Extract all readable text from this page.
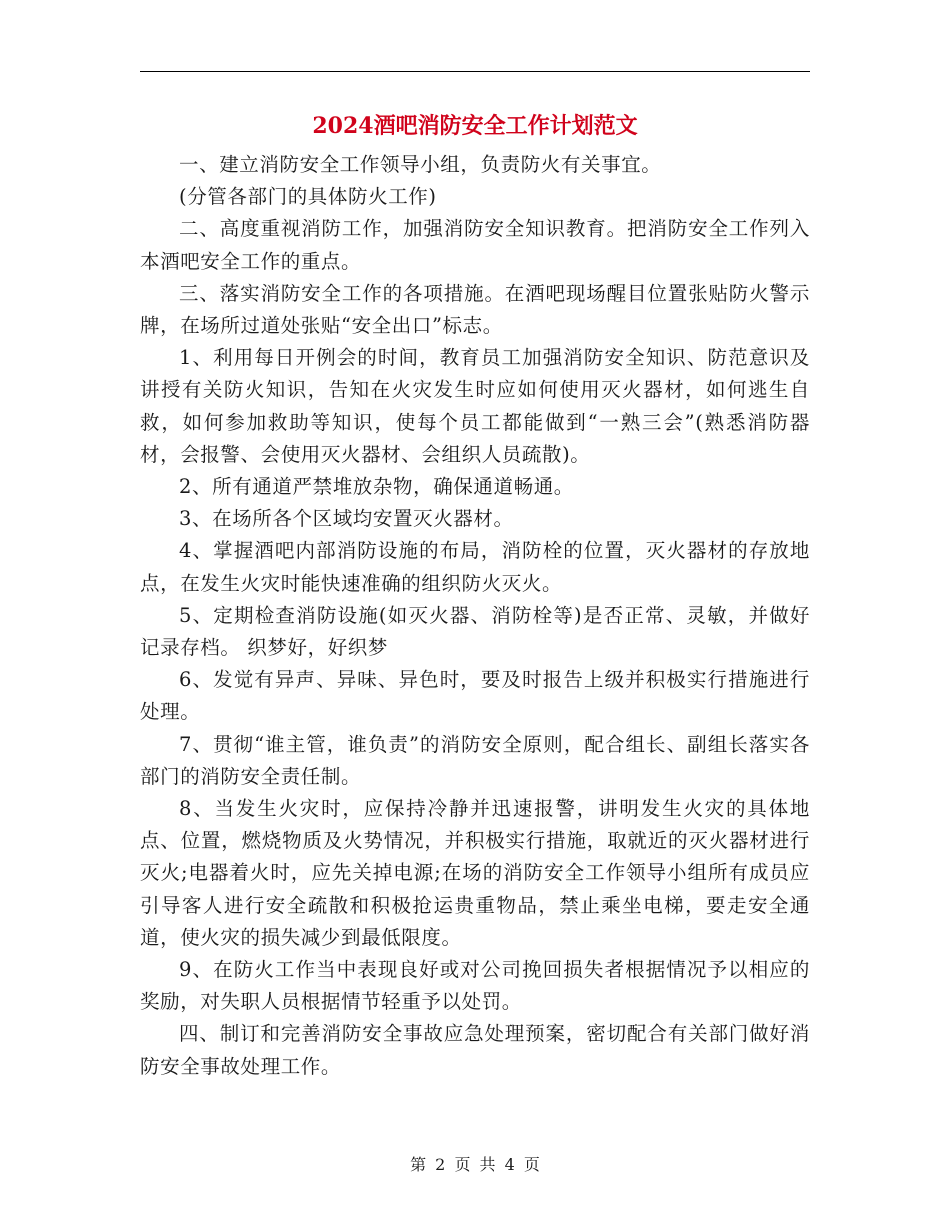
2024酒吧消防安全工作计划范文

一、建立消防安全工作领导小组，负责防火有关事宜。

(分管各部门的具体防火工作)

二、高度重视消防工作，加强消防安全知识教育。把消防安全工作列入本酒吧安全工作的重点。

三、落实消防安全工作的各项措施。在酒吧现场醒目位置张贴防火警示牌，在场所过道处张贴“安全出口”标志。

1、利用每日开例会的时间，教育员工加强消防安全知识、防范意识及讲授有关防火知识，告知在火灾发生时应如何使用灭火器材，如何逃生自救，如何参加救助等知识，使每个员工都能做到“一熟三会”(熟悉消防器材，会报警、会使用灭火器材、会组织人员疏散)。

2、所有通道严禁堆放杂物，确保通道畅通。

3、在场所各个区域均安置灭火器材。

4、掌握酒吧内部消防设施的布局，消防栓的位置，灭火器材的存放地点，在发生火灾时能快速准确的组织防火灭火。

5、定期检查消防设施(如灭火器、消防栓等)是否正常、灵敏，并做好记录存档。 织梦好，好织梦

6、发觉有异声、异味、异色时，要及时报告上级并积极实行措施进行处理。

7、贯彻“谁主管，谁负责”的消防安全原则，配合组长、副组长落实各部门的消防安全责任制。

8、当发生火灾时，应保持冷静并迅速报警，讲明发生火灾的具体地点、位置，燃烧物质及火势情况，并积极实行措施，取就近的灭火器材进行灭火;电器着火时，应先关掉电源;在场的消防安全工作领导小组所有成员应引导客人进行安全疏散和积极抢运贵重物品，禁止乘坐电梯，要走安全通道，使火灾的损失减少到最低限度。

9、在防火工作当中表现良好或对公司挽回损失者根据情况予以相应的奖励，对失职人员根据情节轻重予以处罚。

四、制订和完善消防安全事故应急处理预案，密切配合有关部门做好消防安全事故处理工作。

第 2 页 共 4 页
